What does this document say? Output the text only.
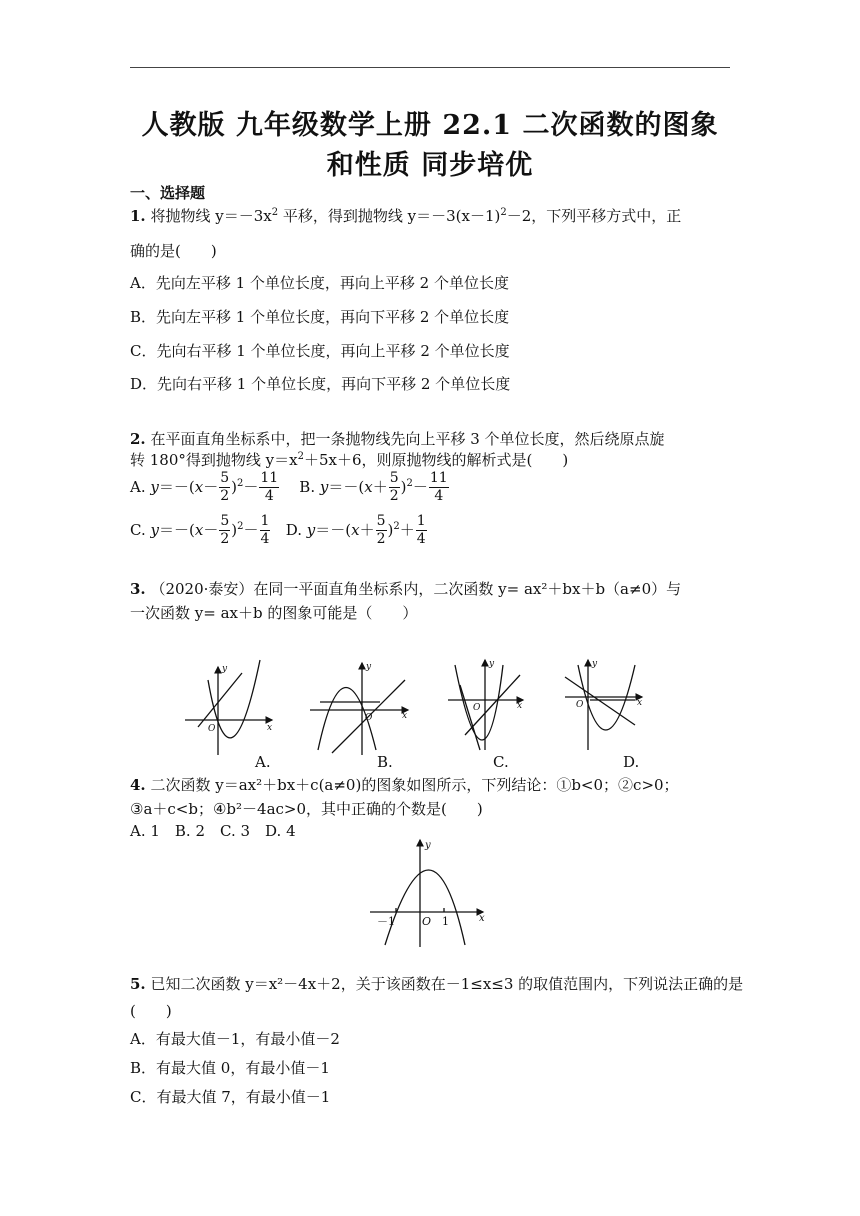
人教版 九年级数学上册 22.1 二次函数的图象
和性质 同步培优
一、选择题
1. 将抛物线 $y=-3x^2$ 平移，得到抛物线 $y=-3(x-1)^2-2$，下列平移方式中，正
确的是(　　)
A．先向左平移 1 个单位长度，再向上平移 2 个单位长度
B．先向左平移 1 个单位长度，再向下平移 2 个单位长度
C．先向右平移 1 个单位长度，再向上平移 2 个单位长度
D．先向右平移 1 个单位长度，再向下平移 2 个单位长度
2. 在平面直角坐标系中，把一条抛物线先向上平移 3 个单位长度，然后绕原点旋
转 180°得到抛物线 $y=x^2+5x+6$，则原抛物线的解析式是(　　)
A. $y=-(x- \frac{5}{2} )^2- \frac{11}{4} B$. $y=-(x+ \frac{5}{2} )^2- \frac{11}{4}$
C. $y=-(x- \frac{5}{2} )^2- \frac{1}{4} D$. $y=-(x+ \frac{5}{2} )^2+ \frac{1}{4}$
3. （2020·泰安）在同一平面直角坐标系内，二次函数 y= ax²＋bx＋b（a≠0）与
一次函数 y= ax＋b 的图象可能是（　　）
y
x
O
y
x
O
y
x
O
y
x
O
A.	B.	C.	D.
4. 二次函数 y＝ax²＋bx＋c(a≠0)的图象如图所示，下列结论：①b<0；②c>0；
③a＋c<b；④b²－4ac>0，其中正确的个数是(　　)
A. 1　B. 2　C. 3　D. 4
y
x
O
－1	1
5. 已知二次函数 y＝x²－4x＋2，关于该函数在－1≤x≤3 的取值范围内，下列说法正确的是
(　　)
A．有最大值－1，有最小值－2
B．有最大值 0，有最小值－1
C．有最大值 7，有最小值－1
